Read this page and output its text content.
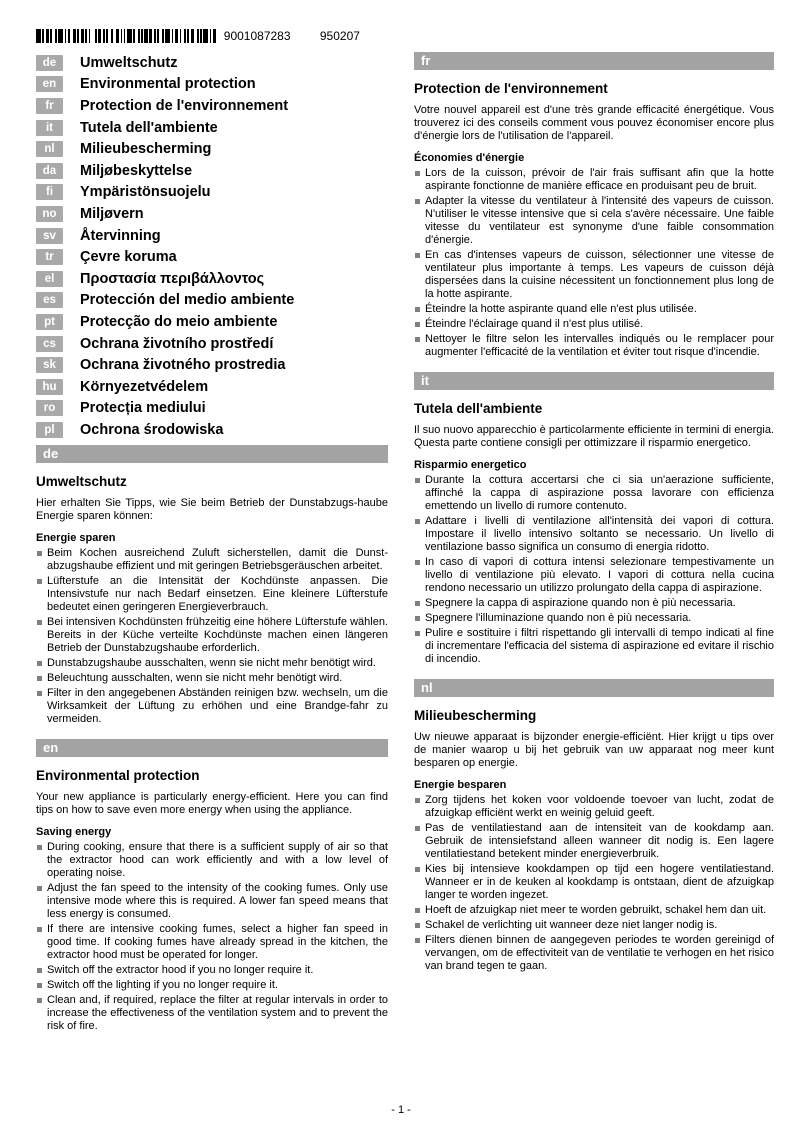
9001087283 950207
de	Umweltschutz
en	Environmental protection
fr	Protection de l'environnement
it	Tutela dell'ambiente
nl	Milieubescherming
da	Miljøbeskyttelse
fi	Ympäristönsuojelu
no	Miljøvern
sv	Återvinning
tr	Çevre koruma
el	Προστασία περιβάλλοντος
es	Protección del medio ambiente
pt	Protecção do meio ambiente
cs	Ochrana životního prostředí
sk	Ochrana životného prostredia
hu	Környezetvédelem
ro	Protecția mediului
pl	Ochrona środowiska
de
Umweltschutz
Hier erhalten Sie Tipps, wie Sie beim Betrieb der Dunstabzugs-haube Energie sparen können:
Energie sparen
Beim Kochen ausreichend Zuluft sicherstellen, damit die Dunst-abzugshaube effizient und mit geringen Betriebsgeräuschen arbeitet.
Lüfterstufe an die Intensität der Kochdünste anpassen. Die Intensivstufe nur nach Bedarf einsetzen. Eine kleinere Lüfterstufe bedeutet einen geringeren Energieverbrauch.
Bei intensiven Kochdünsten frühzeitig eine höhere Lüfterstufe wählen. Bereits in der Küche verteilte Kochdünste machen einen längeren Betrieb der Dunstabzugshaube erforderlich.
Dunstabzugshaube ausschalten, wenn sie nicht mehr benötigt wird.
Beleuchtung ausschalten, wenn sie nicht mehr benötigt wird.
Filter in den angegebenen Abständen reinigen bzw. wechseln, um die Wirksamkeit der Lüftung zu erhöhen und eine Brandge-fahr zu vermeiden.
en
Environmental protection
Your new appliance is particularly energy-efficient. Here you can find tips on how to save even more energy when using the appliance.
Saving energy
During cooking, ensure that there is a sufficient supply of air so that the extractor hood can work efficiently and with a low level of operating noise.
Adjust the fan speed to the intensity of the cooking fumes. Only use intensive mode where this is required. A lower fan speed means that less energy is consumed.
If there are intensive cooking fumes, select a higher fan speed in good time. If cooking fumes have already spread in the kitchen, the extractor hood must be operated for longer.
Switch off the extractor hood if you no longer require it.
Switch off the lighting if you no longer require it.
Clean and, if required, replace the filter at regular intervals in order to increase the effectiveness of the ventilation system and to prevent the risk of fire.
fr
Protection de l'environnement
Votre nouvel appareil est d'une très grande efficacité énergétique. Vous trouverez ici des conseils comment vous pouvez économiser encore plus d'énergie lors de l'utilisation de l'appareil.
Économies d'énergie
Lors de la cuisson, prévoir de l'air frais suffisant afin que la hotte aspirante fonctionne de manière efficace en produisant peu de bruit.
Adapter la vitesse du ventilateur à l'intensité des vapeurs de cuisson. N'utiliser le vitesse intensive que si cela s'avère nécessaire. Une faible vitesse du ventilateur est synonyme d'une faible consommation d'énergie.
En cas d'intenses vapeurs de cuisson, sélectionner une vitesse de ventilateur plus importante à temps. Les vapeurs de cuisson déjà dispersées dans la cuisine nécessitent un fonctionnement plus long de la hotte aspirante.
Éteindre la hotte aspirante quand elle n'est plus utilisée.
Éteindre l'éclairage quand il n'est plus utilisé.
Nettoyer le filtre selon les intervalles indiqués ou le remplacer pour augmenter l'efficacité de la ventilation et éviter tout risque d'incendie.
it
Tutela dell'ambiente
Il suo nuovo apparecchio è particolarmente efficiente in termini di energia. Questa parte contiene consigli per ottimizzare il risparmio energetico.
Risparmio energetico
Durante la cottura accertarsi che ci sia un'aerazione sufficiente, affinché la cappa di aspirazione possa lavorare con efficienza emettendo un livello di rumore contenuto.
Adattare i livelli di ventilazione all'intensità dei vapori di cottura. Impostare il livello intensivo soltanto se necessario. Un livello di ventilazione basso significa un consumo di energia ridotto.
In caso di vapori di cottura intensi selezionare tempestivamente un livello di ventilazione più elevato. I vapori di cottura nella cucina rendono necessario un utilizzo prolungato della cappa di aspirazione.
Spegnere la cappa di aspirazione quando non è più necessaria.
Spegnere l'illuminazione quando non è più necessaria.
Pulire e sostituire i filtri rispettando gli intervalli di tempo indicati al fine di incrementare l'efficacia del sistema di aspirazione ed evitare il rischio di incendio.
nl
Milieubescherming
Uw nieuwe apparaat is bijzonder energie-efficiënt. Hier krijgt u tips over de manier waarop u bij het gebruik van uw apparaat nog meer kunt besparen op energie.
Energie besparen
Zorg tijdens het koken voor voldoende toevoer van lucht, zodat de afzuigkap efficiënt werkt en weinig geluid geeft.
Pas de ventilatiestand aan de intensiteit van de kookdamp aan. Gebruik de intensiefstand alleen wanneer dit nodig is. Een lagere ventilatiestand betekent minder energieverbruik.
Kies bij intensieve kookdampen op tijd een hogere ventilatiestand. Wanneer er in de keuken al kookdamp is ontstaan, dient de afzuigkap langer te worden ingezet.
Hoeft de afzuigkap niet meer te worden gebruikt, schakel hem dan uit.
Schakel de verlichting uit wanneer deze niet langer nodig is.
Filters dienen binnen de aangegeven periodes te worden gereinigd of vervangen, om de effectiviteit van de ventilatie te verhogen en het risico van brand tegen te gaan.
- 1 -
